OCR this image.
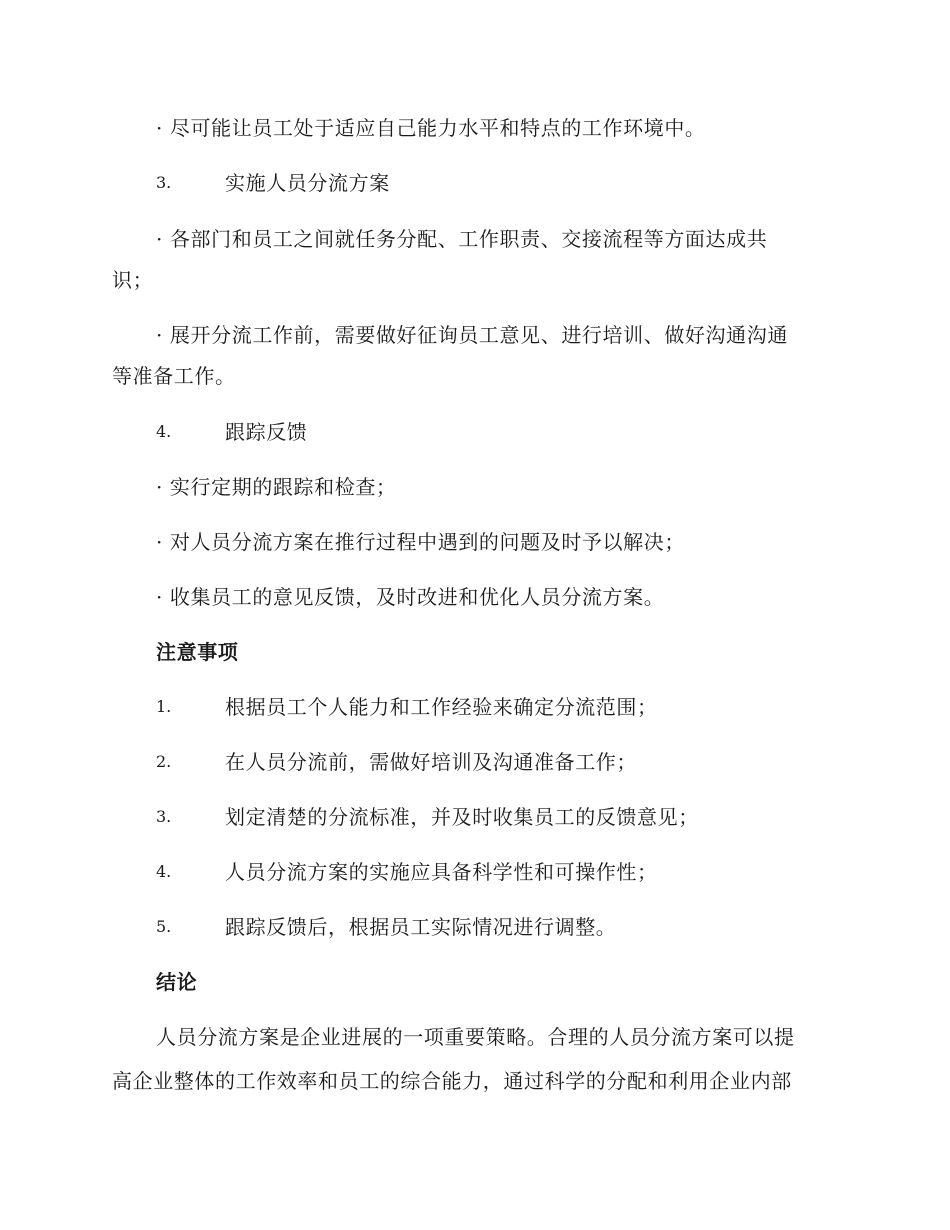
· 尽可能让员工处于适应自己能力水平和特点的工作环境中。
3.	实施人员分流方案
· 各部门和员工之间就任务分配、工作职责、交接流程等方面达成共
识；
· 展开分流工作前，需要做好征询员工意见、进行培训、做好沟通沟通
等准备工作。
4.	跟踪反馈
· 实行定期的跟踪和检查；
· 对人员分流方案在推行过程中遇到的问题及时予以解决；
· 收集员工的意见反馈，及时改进和优化人员分流方案。
注意事项
1.	根据员工个人能力和工作经验来确定分流范围；
2.	在人员分流前，需做好培训及沟通准备工作；
3.	划定清楚的分流标准，并及时收集员工的反馈意见；
4.	人员分流方案的实施应具备科学性和可操作性；
5.	跟踪反馈后，根据员工实际情况进行调整。
结论
人员分流方案是企业进展的一项重要策略。合理的人员分流方案可以提
高企业整体的工作效率和员工的综合能力，通过科学的分配和利用企业内部
